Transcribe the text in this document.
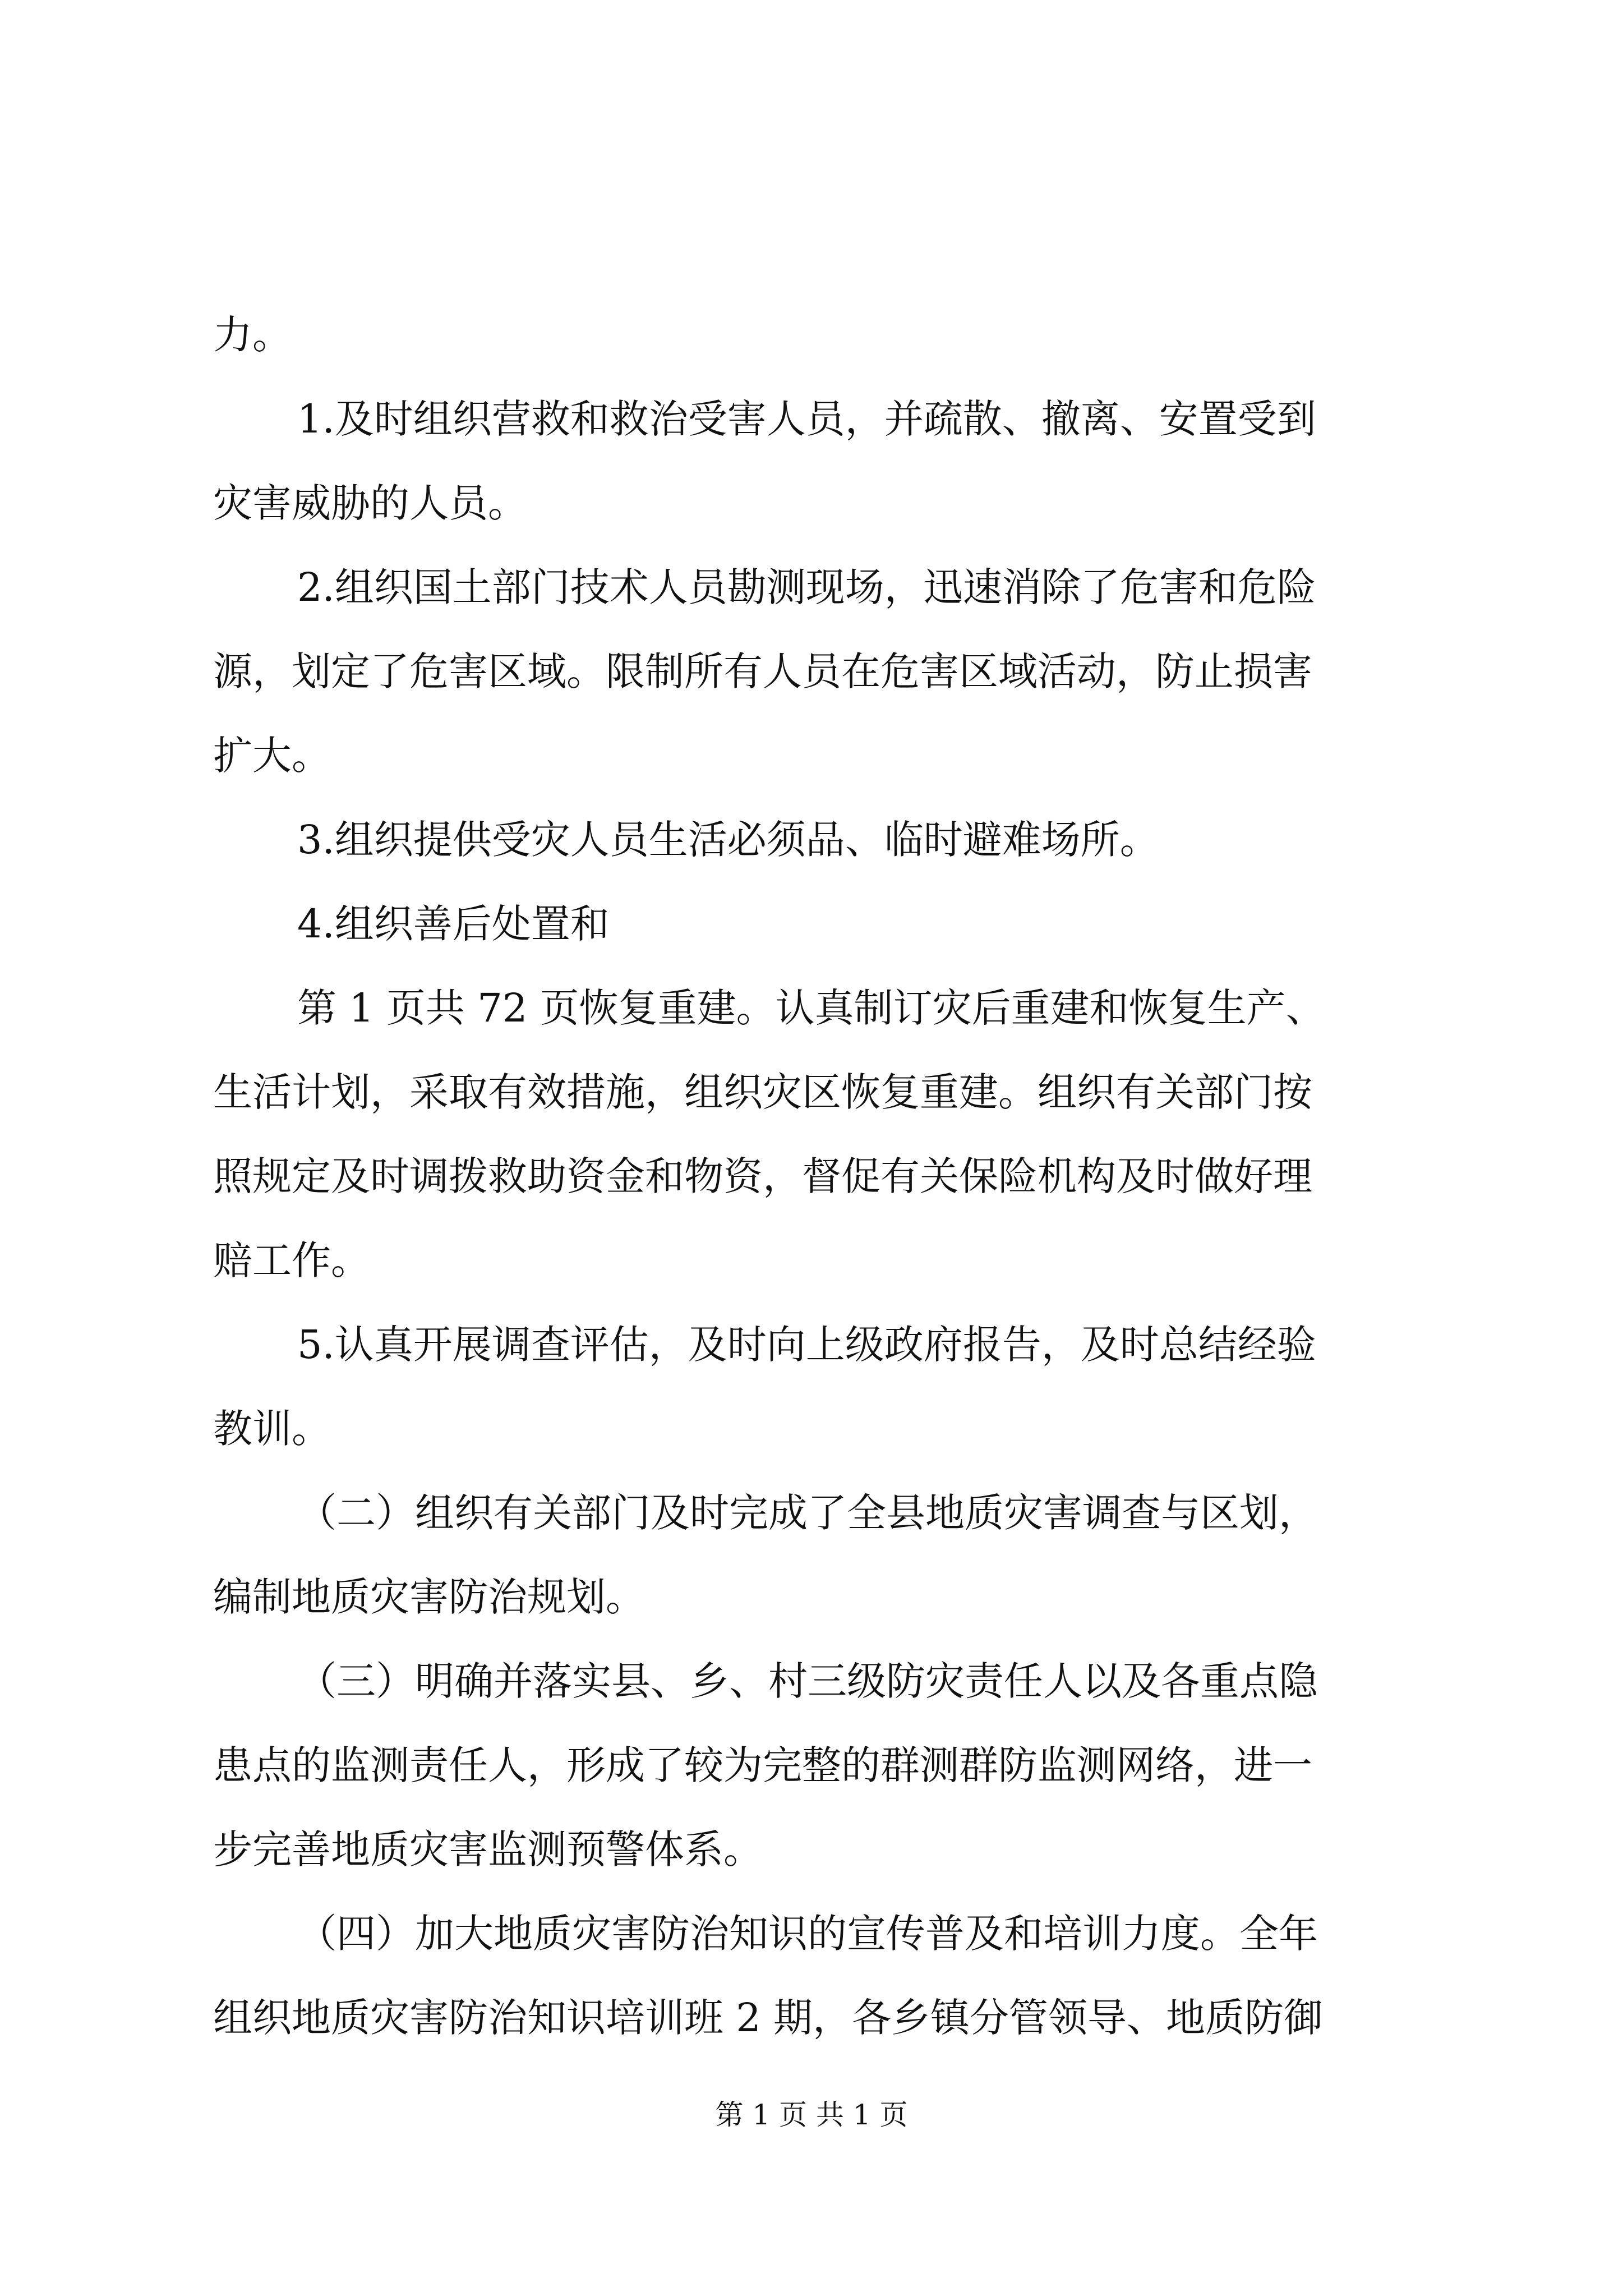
力。

1.及时组织营救和救治受害人员，并疏散、撤离、安置受到

灾害威胁的人员。

2.组织国土部门技术人员勘测现场，迅速消除了危害和危险

源，划定了危害区域。限制所有人员在危害区域活动，防止损害

扩大。

3.组织提供受灾人员生活必须品、临时避难场所。

4.组织善后处置和

第 1 页共 72 页恢复重建。认真制订灾后重建和恢复生产、

生活计划，采取有效措施，组织灾区恢复重建。组织有关部门按

照规定及时调拨救助资金和物资，督促有关保险机构及时做好理

赔工作。

5.认真开展调查评估，及时向上级政府报告，及时总结经验

教训。

（二）组织有关部门及时完成了全县地质灾害调查与区划，

编制地质灾害防治规划。

（三）明确并落实县、乡、村三级防灾责任人以及各重点隐

患点的监测责任人，形成了较为完整的群测群防监测网络，进一

步完善地质灾害监测预警体系。

（四）加大地质灾害防治知识的宣传普及和培训力度。全年

组织地质灾害防治知识培训班 2 期，各乡镇分管领导、地质防御

第 1 页 共 1 页
